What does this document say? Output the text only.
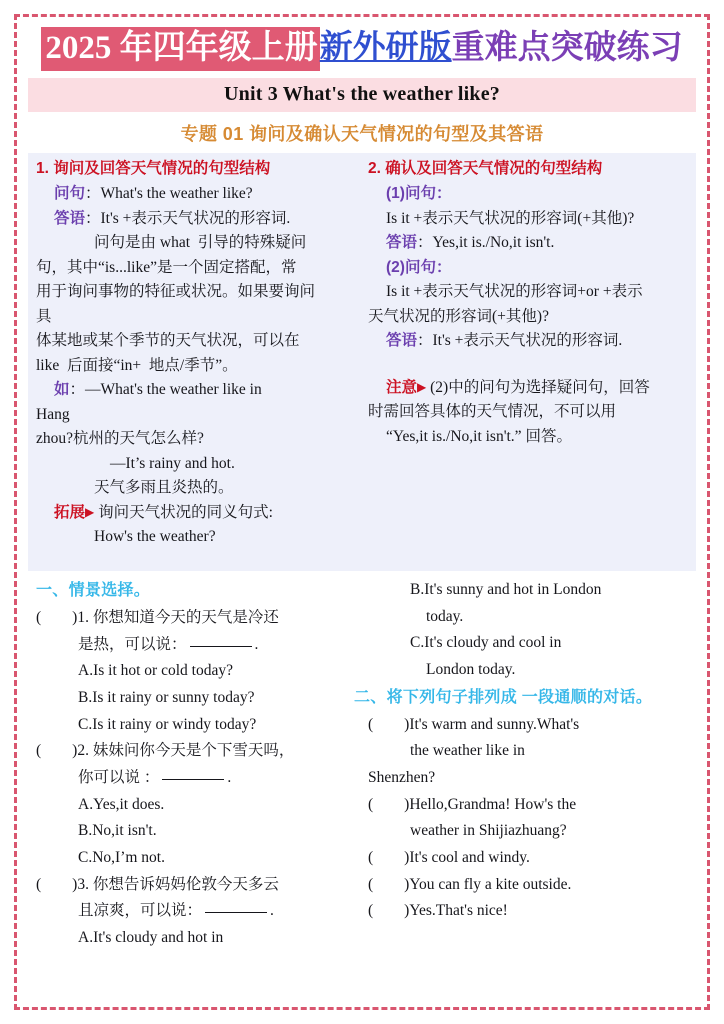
2025 年四年级上册新外研版重难点突破练习
Unit 3 What's the weather like?
专题 01 询问及确认天气情况的句型及其答语
1. 询问及回答天气情况的句型结构
问句：What's the weather like?
答语：It's +表示天气状况的形容词.
问句是由 what  引导的特殊疑问
句，其中“is...like”是一个固定搭配，常
用于询问事物的特征或状况。如果要询问
具
体某地或某个季节的天气状况，可以在
like  后面接“in+  地点/季节”。
如：—What's the weather like in
Hang
zhou?杭州的天气怎么样?
—It’s rainy and hot.
天气多雨且炎热的。
拓展▶ 询问天气状况的同义句式:
How's the weather?
2. 确认及回答天气情况的句型结构
(1)问句：
Is it +表示天气状况的形容词(+其他)?
答语：Yes,it is./No,it isn't.
(2)问句：
Is it +表示天气状况的形容词+or +表示
天气状况的形容词(+其他)?
答语：It's +表示天气状况的形容词.
注意▶ (2)中的问句为选择疑问句，回答
时需回答具体的天气情况，不可以用
“Yes,it is./No,it isn't.” 回答。
一、情景选择。
(        )1. 你想知道今天的天气是冷还
是热，可以说：	.
A.Is it hot or cold today?
B.Is it rainy or sunny today?
C.Is it rainy or windy today?
(        )2. 妹妹问你今天是个下雪天吗，
你可以说 ：	.
A.Yes,it does.
B.No,it isn't.
C.No,I’m not.
(        )3. 你想告诉妈妈伦敦今天多云
且凉爽，可以说：	.
A.It's cloudy and hot in
B.It's sunny and hot in London
today.
C.It's cloudy and cool in
London today.
二、将下列句子排列成 一段通顺的对话。
(        )It's warm and sunny.What's
the weather like in
Shenzhen?
(        )Hello,Grandma! How's the
weather in Shijiazhuang?
(        )It's cool and windy.
(        )You can fly a kite outside.
(        )Yes.That's nice!
